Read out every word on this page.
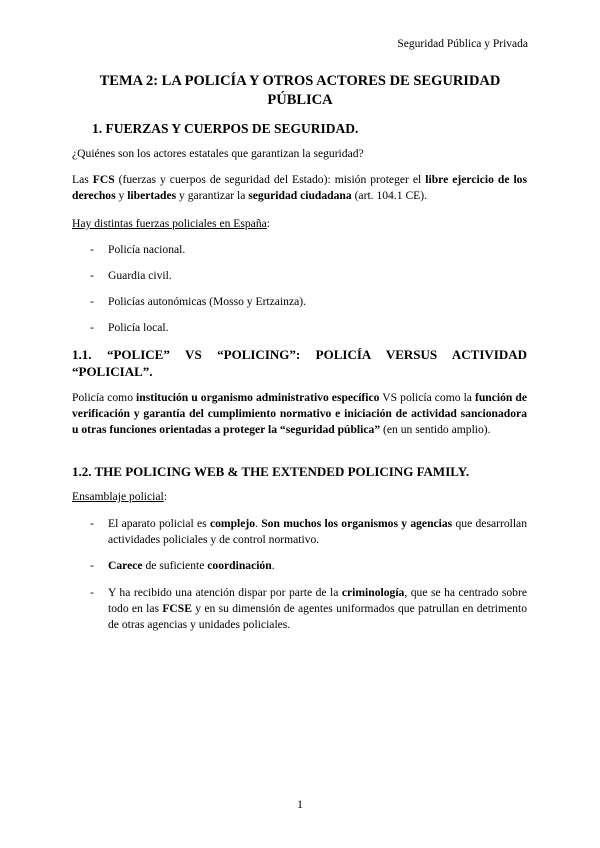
Seguridad Pública y Privada
TEMA 2: LA POLICÍA Y OTROS ACTORES DE SEGURIDAD
PÚBLICA
1. FUERZAS Y CUERPOS DE SEGURIDAD.
¿Quiénes son los actores estatales que garantizan la seguridad?
Las FCS (fuerzas y cuerpos de seguridad del Estado): misión proteger el libre ejercicio de los derechos y libertades y garantizar la seguridad ciudadana (art. 104.1 CE).
Hay distintas fuerzas policiales en España:
- Policía nacional.
- Guardia civil.
- Policías autonómicas (Mosso y Ertzainza).
- Policía local.
1.1. “POLICE” VS “POLICING”: POLICÍA VERSUS ACTIVIDAD “POLICIAL”.
Policía como institución u organismo administrativo específico VS policía como la función de verificación y garantía del cumplimiento normativo e iniciación de actividad sancionadora u otras funciones orientadas a proteger la “seguridad pública” (en un sentido amplio).
1.2. THE POLICING WEB & THE EXTENDED POLICING FAMILY.
Ensamblaje policial:
- El aparato policial es complejo. Son muchos los organismos y agencias que desarrollan actividades policiales y de control normativo.
- Carece de suficiente coordinación.
- Y ha recibido una atención dispar por parte de la criminología, que se ha centrado sobre todo en las FCSE y en su dimensión de agentes uniformados que patrullan en detrimento de otras agencias y unidades policiales.
1
